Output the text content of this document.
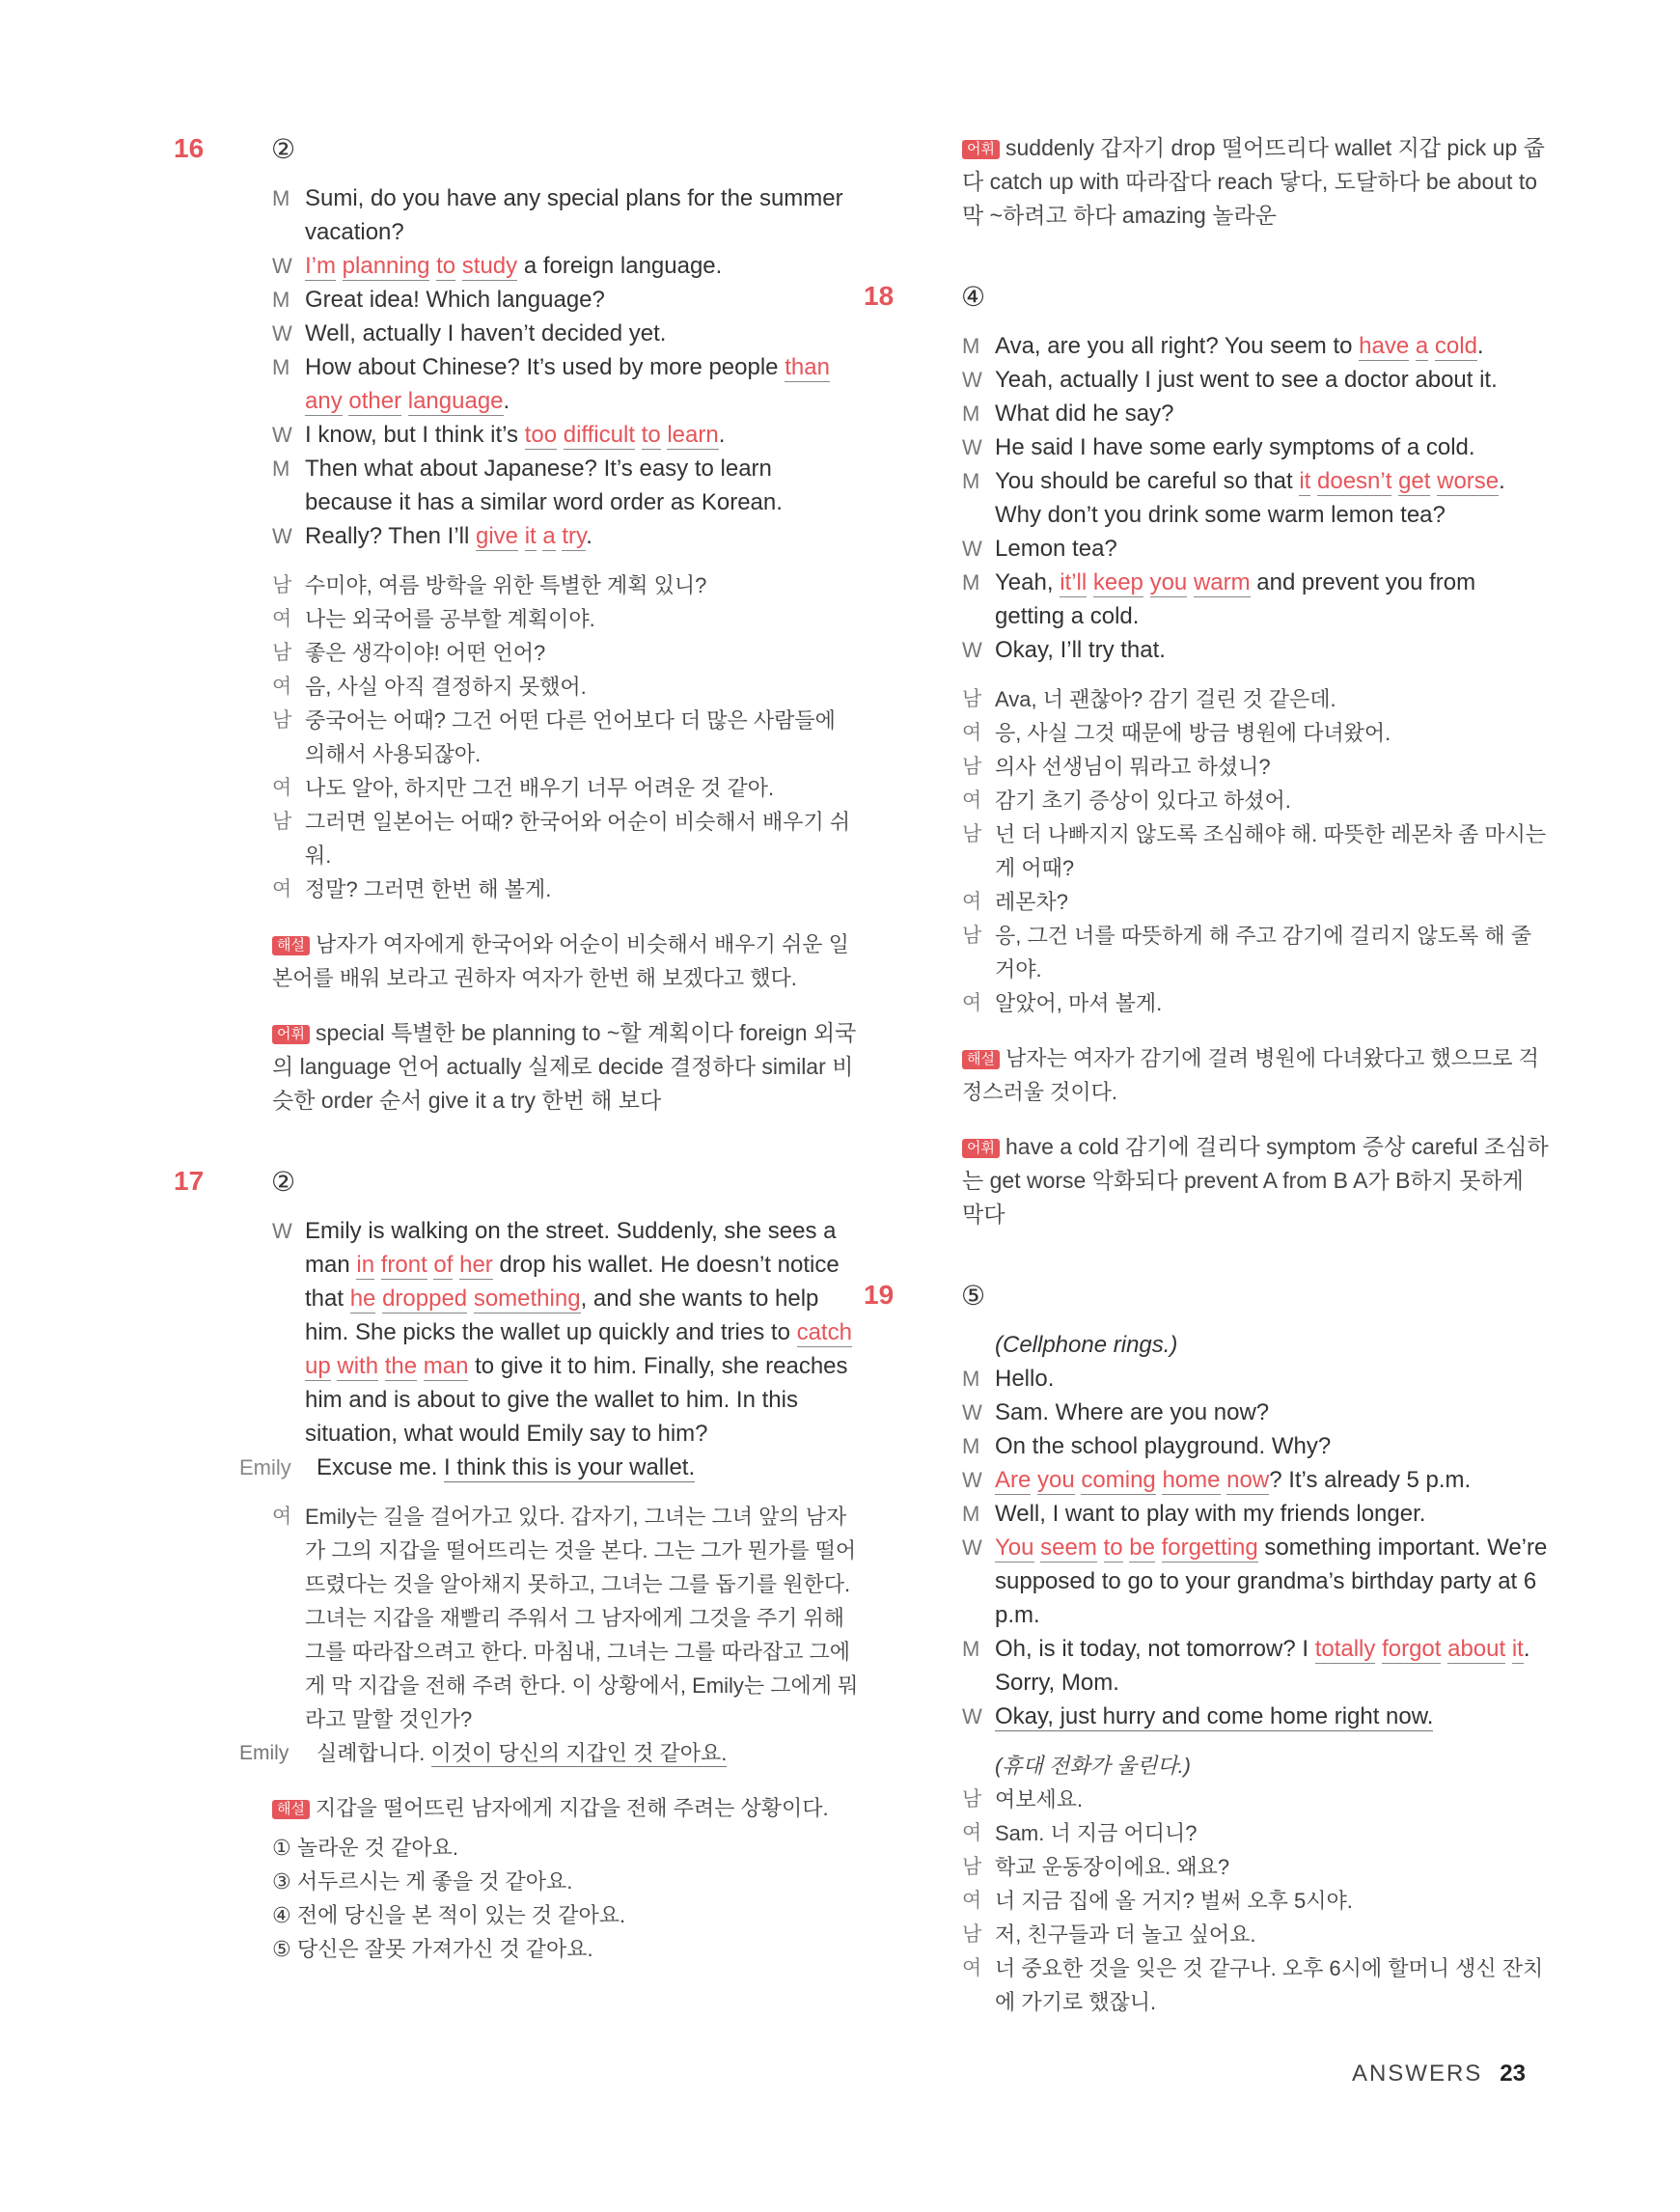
16 ②
M Sumi, do you have any special plans for the summer vacation?
W I’m planning to study a foreign language.
M Great idea! Which language?
W Well, actually I haven’t decided yet.
M How about Chinese? It’s used by more people than any other language.
W I know, but I think it’s too difficult to learn.
M Then what about Japanese? It’s easy to learn because it has a similar word order as Korean.
W Really? Then I’ll give it a try.
남 수미야, 여름 방학을 위한 특별한 계획 있니?
여 나는 외국어를 공부할 계획이야.
남 좋은 생각이야! 어떤 언어?
여 음, 사실 아직 결정하지 못했어.
남 중국어는 어때? 그건 어떤 다른 언어보다 더 많은 사람들에 의해서 사용되잖아.
여 나도 알아, 하지만 그건 배우기 너무 어려운 것 같아.
남 그러면 일본어는 어때? 한국어와 어순이 비슷해서 배우기 쉬워.
여 정말? 그러면 한번 해 볼게.
해설 남자가 여자에게 한국어와 어순이 비슷해서 배우기 쉬운 일본어를 배워 보라고 권하자 여자가 한번 해 보겠다고 했다.
어휘 special 특별한 be planning to ~할 계획이다 foreign 외국의 language 언어 actually 실제로 decide 결정하다 similar 비슷한 order 순서 give it a try 한번 해 보다
17 ②
W Emily is walking on the street. Suddenly, she sees a man in front of her drop his wallet. He doesn’t notice that he dropped something, and she wants to help him. She picks the wallet up quickly and tries to catch up with the man to give it to him. Finally, she reaches him and is about to give the wallet to him. In this situation, what would Emily say to him?
Emily	Excuse me. I think this is your wallet.
여 Emily는 길을 걸어가고 있다. 갑자기, 그녀는 그녀 앞의 남자가 그의 지갑을 떨어뜨리는 것을 본다. 그는 그가 뭔가를 떨어뜨렸다는 것을 알아채지 못하고, 그녀는 그를 돕기를 원한다. 그녀는 지갑을 재빨리 주워서 그 남자에게 그것을 주기 위해 그를 따라잡으려고 한다. 마침내, 그녀는 그를 따라잡고 그에게 막 지갑을 전해 주려 한다. 이 상황에서, Emily는 그에게 뭐라고 말할 것인가?
Emily	실례합니다. 이것이 당신의 지갑인 것 같아요.
해설 지갑을 떨어뜨린 남자에게 지갑을 전해 주려는 상황이다.
① 놀라운 것 같아요.
③ 서두르시는 게 좋을 것 같아요.
④ 전에 당신을 본 적이 있는 것 같아요.
⑤ 당신은 잘못 가져가신 것 같아요.
어휘 suddenly 갑자기 drop 떨어뜨리다 wallet 지갑 pick up 줍다 catch up with 따라잡다 reach 닿다, 도달하다 be about to 막 ~하려고 하다 amazing 놀라운
18 ④
M Ava, are you all right? You seem to have a cold.
W Yeah, actually I just went to see a doctor about it.
M What did he say?
W He said I have some early symptoms of a cold.
M You should be careful so that it doesn’t get worse. Why don’t you drink some warm lemon tea?
W Lemon tea?
M Yeah, it’ll keep you warm and prevent you from getting a cold.
W Okay, I’ll try that.
남 Ava, 너 괜찮아? 감기 걸린 것 같은데.
여 응, 사실 그것 때문에 방금 병원에 다녀왔어.
남 의사 선생님이 뭐라고 하셨니?
여 감기 초기 증상이 있다고 하셨어.
남 넌 더 나빠지지 않도록 조심해야 해. 따뜻한 레몬차 좀 마시는 게 어때?
여 레몬차?
남 응, 그건 너를 따뜻하게 해 주고 감기에 걸리지 않도록 해 줄 거야.
여 알았어, 마셔 볼게.
해설 남자는 여자가 감기에 걸려 병원에 다녀왔다고 했으므로 걱정스러울 것이다.
어휘 have a cold 감기에 걸리다 symptom 증상 careful 조심하는 get worse 악화되다 prevent A from B A가 B하지 못하게 막다
19 ⑤
(Cellphone rings.)
M Hello.
W Sam. Where are you now?
M On the school playground. Why?
W Are you coming home now? It’s already 5 p.m.
M Well, I want to play with my friends longer.
W You seem to be forgetting something important. We’re supposed to go to your grandma’s birthday party at 6 p.m.
M Oh, is it today, not tomorrow? I totally forgot about it. Sorry, Mom.
W Okay, just hurry and come home right now.
(휴대 전화가 울린다.)
남 여보세요.
여 Sam. 너 지금 어디니?
남 학교 운동장이에요. 왜요?
여 너 지금 집에 올 거지? 벌써 오후 5시야.
남 저, 친구들과 더 놀고 싶어요.
여 너 중요한 것을 잊은 것 같구나. 오후 6시에 할머니 생신 잔치에 가기로 했잖니.
ANSWERS 23
